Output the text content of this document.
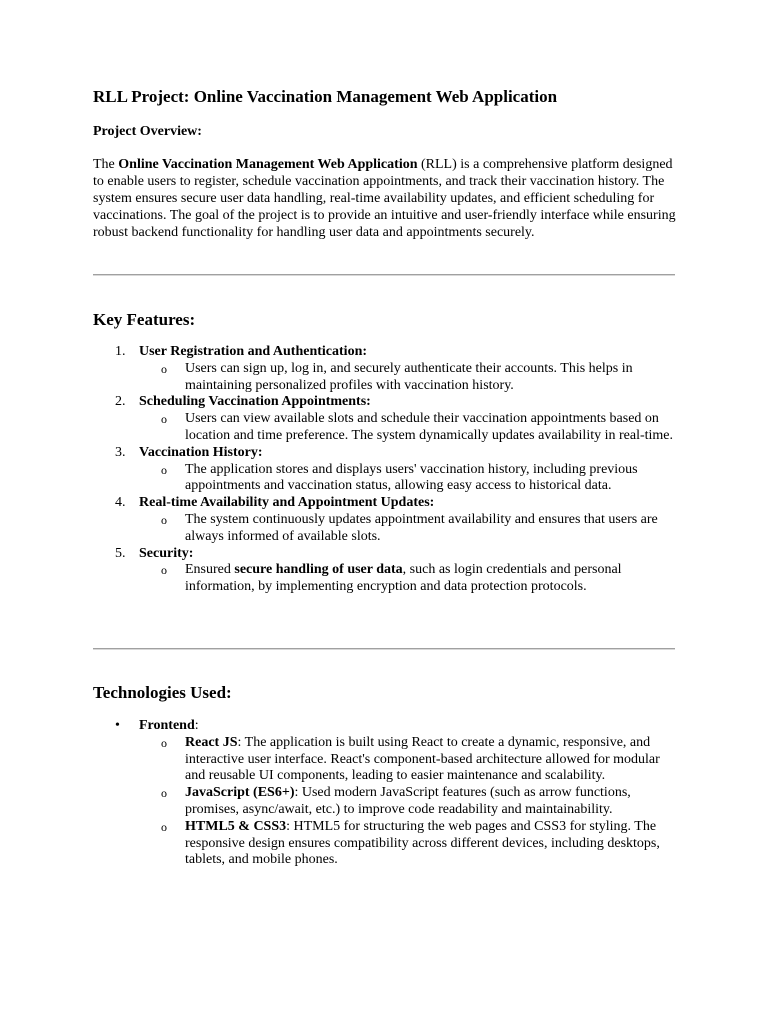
RLL Project: Online Vaccination Management Web Application
Project Overview:
The Online Vaccination Management Web Application (RLL) is a comprehensive platform designed to enable users to register, schedule vaccination appointments, and track their vaccination history. The system ensures secure user data handling, real-time availability updates, and efficient scheduling for vaccinations. The goal of the project is to provide an intuitive and user-friendly interface while ensuring robust backend functionality for handling user data and appointments securely.
Key Features:
1. User Registration and Authentication:
o Users can sign up, log in, and securely authenticate their accounts. This helps in maintaining personalized profiles with vaccination history.
2. Scheduling Vaccination Appointments:
o Users can view available slots and schedule their vaccination appointments based on location and time preference. The system dynamically updates availability in real-time.
3. Vaccination History:
o The application stores and displays users' vaccination history, including previous appointments and vaccination status, allowing easy access to historical data.
4. Real-time Availability and Appointment Updates:
o The system continuously updates appointment availability and ensures that users are always informed of available slots.
5. Security:
o Ensured secure handling of user data, such as login credentials and personal information, by implementing encryption and data protection protocols.
Technologies Used:
• Frontend:
o React JS: The application is built using React to create a dynamic, responsive, and interactive user interface. React's component-based architecture allowed for modular and reusable UI components, leading to easier maintenance and scalability.
o JavaScript (ES6+): Used modern JavaScript features (such as arrow functions, promises, async/await, etc.) to improve code readability and maintainability.
o HTML5 & CSS3: HTML5 for structuring the web pages and CSS3 for styling. The responsive design ensures compatibility across different devices, including desktops, tablets, and mobile phones.
